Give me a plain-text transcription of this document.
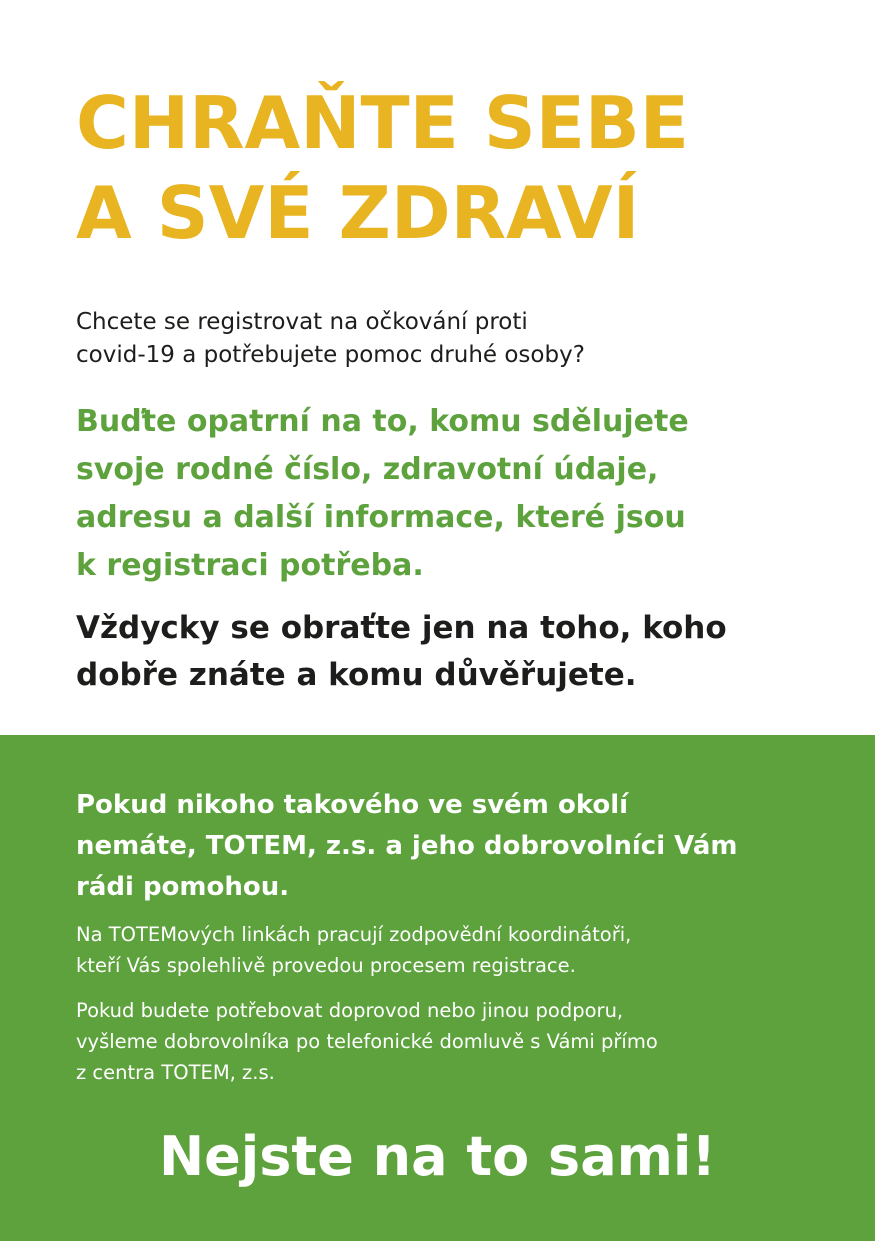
CHRAŇTE SEBE
A SVÉ ZDRAVÍ

Chcete se registrovat na očkování proti
covid-19 a potřebujete pomoc druhé osoby?

Buďte opatrní na to, komu sdělujete
svoje rodné číslo, zdravotní údaje,
adresu a další informace, které jsou
k registraci potřeba.

Vždycky se obraťte jen na toho, koho
dobře znáte a komu důvěřujete.

Pokud nikoho takového ve svém okolí
nemáte, TOTEM, z.s. a jeho dobrovolníci Vám
rádi pomohou.

Na TOTEMových linkách pracují zodpovědní koordinátoři,
kteří Vás spolehlivě provedou procesem registrace.

Pokud budete potřebovat doprovod nebo jinou podporu,
vyšleme dobrovolníka po telefonické domluvě s Vámi přímo
z centra TOTEM, z.s.

Nejste na to sami!
